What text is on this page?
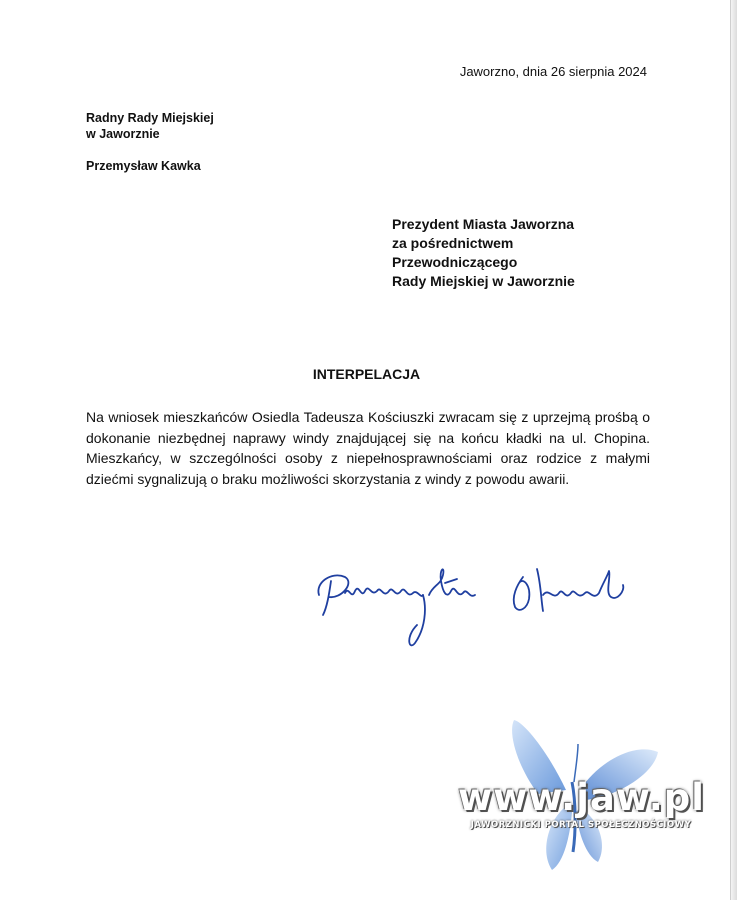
Jaworzno, dnia 26 sierpnia 2024
Radny Rady Miejskiej
w Jaworznie
Przemysław Kawka
Prezydent Miasta Jaworzna
za pośrednictwem
Przewodniczącego
Rady Miejskiej w Jaworznie
INTERPELACJA
Na wniosek mieszkańców Osiedla Tadeusza Kościuszki zwracam się z uprzejmą prośbą o dokonanie niezbędnej naprawy windy znajdującej się na końcu kładki na ul. Chopina. Mieszkańcy, w szczególności osoby z niepełnosprawnościami oraz rodzice z małymi dziećmi sygnalizują o braku możliwości skorzystania z windy z powodu awarii.
www.jaw.pl
JAWORZNICKI PORTAL SPOŁECZNOŚCIOWY
